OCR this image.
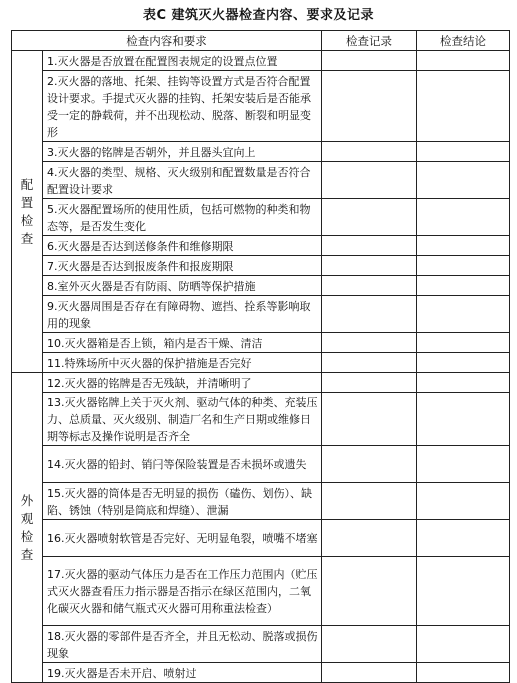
表C 建筑灭火器检查内容、要求及记录
检查内容和要求		检查记录	检查结论

配
置
检
查	1.灭火器是否放置在配置图表规定的设置点位置		
	2.灭火器的落地、托架、挂钩等设置方式是否符合配置设计要求。手提式灭火器的挂钩、托架安装后是否能承受一定的静载荷，并不出现松动、脱落、断裂和明显变形		
	3.灭火器的铭牌是否朝外，并且器头宜向上		
	4.灭火器的类型、规格、灭火级别和配置数量是否符合配置设计要求		
	5.灭火器配置场所的使用性质，包括可燃物的种类和物态等，是否发生变化		
	6.灭火器是否达到送修条件和维修期限		
	7.灭火器是否达到报废条件和报废期限		
	8.室外灭火器是否有防雨、防晒等保护措施		
	9.灭火器周围是否存在有障碍物、遮挡、拴系等影响取用的现象		
	10.灭火器箱是否上锁，箱内是否干燥、清洁		
	11.特殊场所中灭火器的保护措施是否完好		

外
观
检
查	12.灭火器的铭牌是否无残缺，并清晰明了		
	13.灭火器铭牌上关于灭火剂、驱动气体的种类、充装压力、总质量、灭火级别、制造厂名和生产日期或维修日期等标志及操作说明是否齐全		
	14.灭火器的铅封、销闩等保险装置是否未损坏或遗失		
	15.灭火器的筒体是否无明显的损伤（磕伤、划伤）、缺陷、锈蚀（特别是筒底和焊缝）、泄漏		
	16.灭火器喷射软管是否完好、无明显龟裂，喷嘴不堵塞		
	17.灭火器的驱动气体压力是否在工作压力范围内（贮压式灭火器查看压力指示器是否指示在绿区范围内，二氧化碳灭火器和储气瓶式灭火器可用称重法检查）		
	18.灭火器的零部件是否齐全，并且无松动、脱落或损伤现象		
	19.灭火器是否未开启、喷射过		
